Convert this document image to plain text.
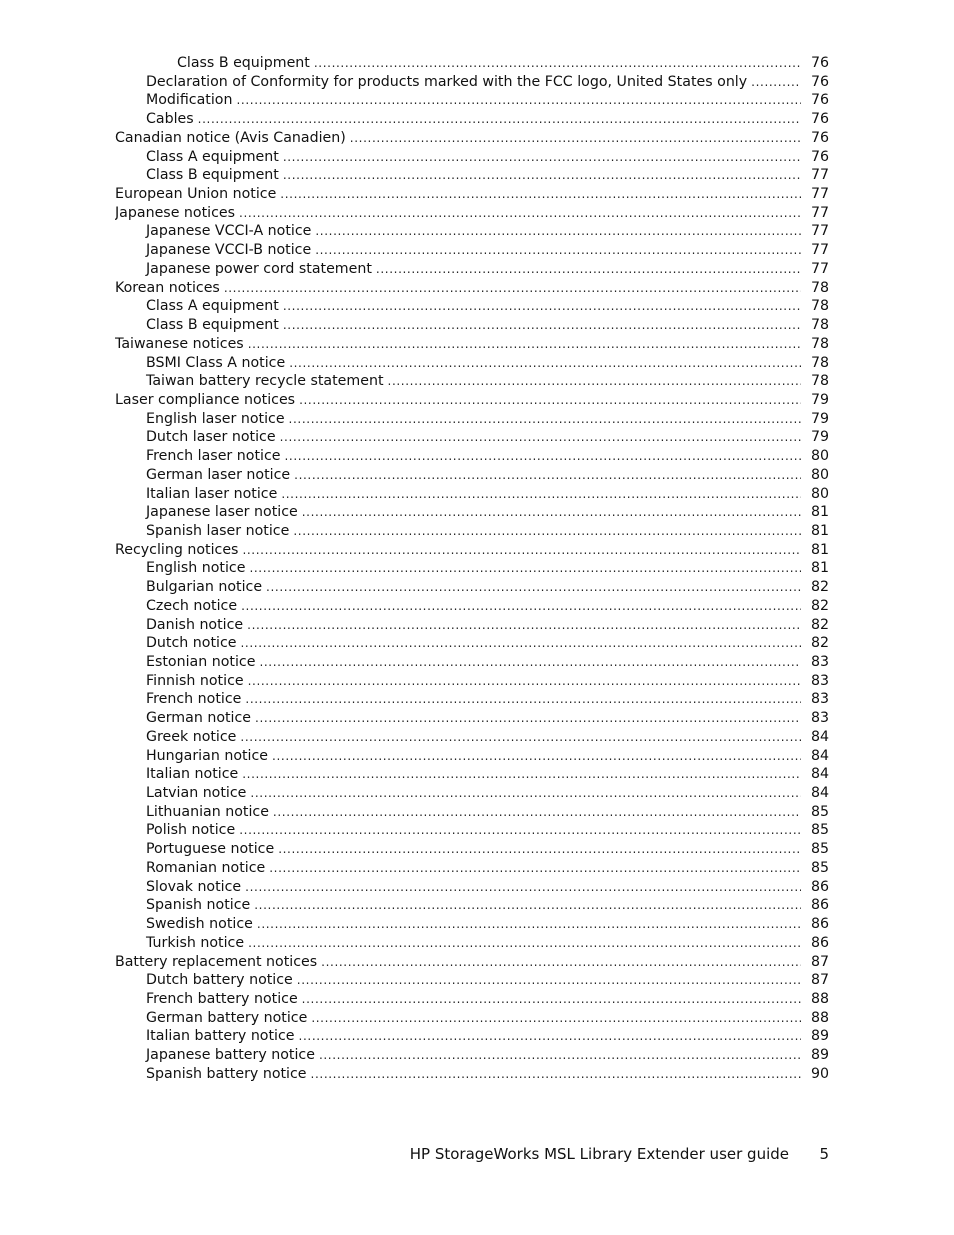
Class B equipment . . .	76
Declaration of Conformity for products marked with the FCC logo, United States only . . .	76
Modification . . .	76
Cables . . .	76
Canadian notice (Avis Canadien) . . .	76
Class A equipment . . .	76
Class B equipment . . .	77
European Union notice . . .	77
Japanese notices . . .	77
Japanese VCCI-A notice . . .	77
Japanese VCCI-B notice . . .	77
Japanese power cord statement . . .	77
Korean notices . . .	78
Class A equipment . . .	78
Class B equipment . . .	78
Taiwanese notices . . .	78
BSMI Class A notice . . .	78
Taiwan battery recycle statement . . .	78
Laser compliance notices . . .	79
English laser notice . . .	79
Dutch laser notice . . .	79
French laser notice . . .	80
German laser notice . . .	80
Italian laser notice . . .	80
Japanese laser notice . . .	81
Spanish laser notice . . .	81
Recycling notices . . .	81
English notice . . .	81
Bulgarian notice . . .	82
Czech notice . . .	82
Danish notice . . .	82
Dutch notice . . .	82
Estonian notice . . .	83
Finnish notice . . .	83
French notice . . .	83
German notice . . .	83
Greek notice . . .	84
Hungarian notice . . .	84
Italian notice . . .	84
Latvian notice . . .	84
Lithuanian notice . . .	85
Polish notice . . .	85
Portuguese notice . . .	85
Romanian notice . . .	85
Slovak notice . . .	86
Spanish notice . . .	86
Swedish notice . . .	86
Turkish notice . . .	86
Battery replacement notices . . .	87
Dutch battery notice . . .	87
French battery notice . . .	88
German battery notice . . .	88
Italian battery notice . . .	89
Japanese battery notice . . .	89
Spanish battery notice . . .	90
HP StorageWorks MSL Library Extender user guide	5
